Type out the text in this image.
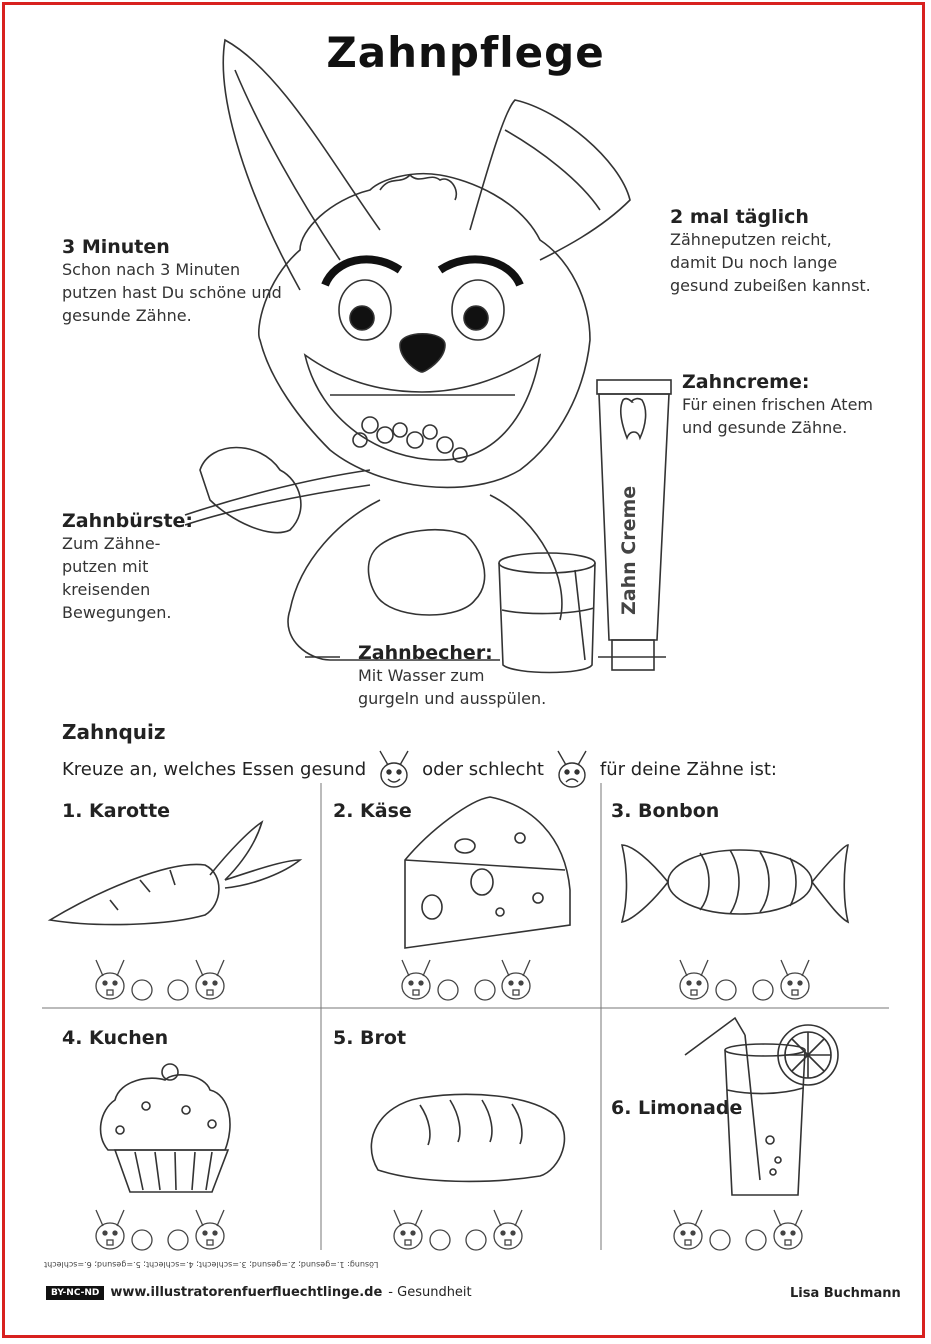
Zahnpflege
Zahn Creme
3 Minuten
Schon nach 3 Minuten
putzen hast Du schöne und
gesunde Zähne.
2 mal täglich
Zähneputzen reicht,
damit Du noch lange
gesund zubeißen kannst.
Zahncreme:
Für einen frischen Atem
und gesunde Zähne.
Zahnbürste:
Zum Zähne-
putzen mit
kreisenden
Bewegungen.
Zahnbecher:
Mit Wasser zum
gurgeln und ausspülen.
Zahnquiz
Kreuze an, welches Essen gesund	oder schlecht	für deine Zähne ist:
1. Karotte	2. Käse	3. Bonbon
4. Kuchen	5. Brot
6. Limonade
Lösung: 1.=gesund; 2.=gesund; 3.=schlecht; 4.=schlecht; 5.=gesund; 6.=schlecht
BY-NC-ND www.illustratorenfuerfluechtlinge.de - Gesundheit	Lisa Buchmann
